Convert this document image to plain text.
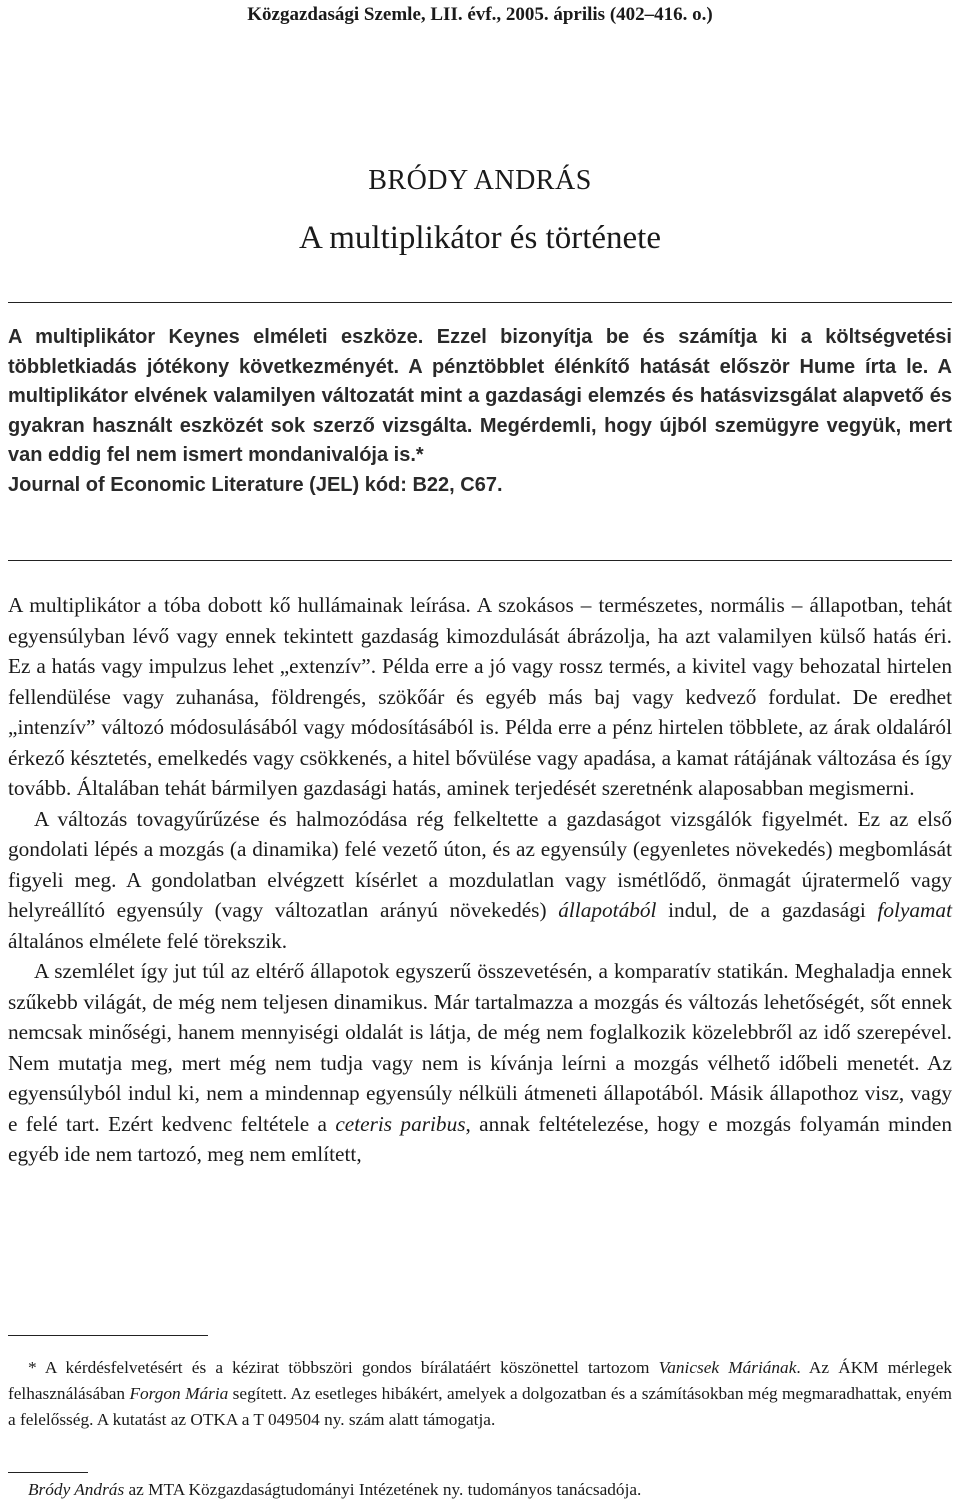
Közgazdasági Szemle, LII. évf., 2005. április (402–416. o.)
BRÓDY ANDRÁS
A multiplikátor és története

A multiplikátor Keynes elméleti eszköze. Ezzel bizonyítja be és számítja ki a költségvetési többletkiadás jótékony következményét. A pénztöbblet élénkítő hatását először Hume írta le. A multiplikátor elvének valamilyen változatát mint a gazdasági elemzés és hatásvizsgálat alapvető és gyakran használt eszközét sok szerző vizsgálta. Megérdemli, hogy újból szemügyre vegyük, mert van eddig fel nem ismert mondanivalója is.*

Journal of Economic Literature (JEL) kód: B22, C67.

A multiplikátor a tóba dobott kő hullámainak leírása. A szokásos – természetes, normális – állapotban, tehát egyensúlyban lévő vagy ennek tekintett gazdaság kimozdulását ábrázolja, ha azt valamilyen külső hatás éri. Ez a hatás vagy impulzus lehet „extenzív”. Példa erre a jó vagy rossz termés, a kivitel vagy behozatal hirtelen fellendülése vagy zuhanása, földrengés, szökőár és egyéb más baj vagy kedvező fordulat. De eredhet „intenzív” változó módosulásából vagy módosításából is. Példa erre a pénz hirtelen többlete, az árak oldaláról érkező késztetés, emelkedés vagy csökkenés, a hitel bővülése vagy apadása, a kamat rátájának változása és így tovább. Általában tehát bármilyen gazdasági hatás, aminek terjedését szeretnénk alaposabban megismerni.

A változás tovagyűrűzése és halmozódása rég felkeltette a gazdaságot vizsgálók figyelmét. Ez az első gondolati lépés a mozgás (a dinamika) felé vezető úton, és az egyensúly (egyenletes növekedés) megbomlását figyeli meg. A gondolatban elvégzett kísérlet a mozdulatlan vagy ismétlődő, önmagát újratermelő vagy helyreállító egyensúly (vagy változatlan arányú növekedés) állapotából indul, de a gazdasági folyamat általános elmélete felé törekszik.

A szemlélet így jut túl az eltérő állapotok egyszerű összevetésén, a komparatív statikán. Meghaladja ennek szűkebb világát, de még nem teljesen dinamikus. Már tartalmazza a mozgás és változás lehetőségét, sőt ennek nemcsak minőségi, hanem mennyiségi oldalát is látja, de még nem foglalkozik közelebbről az idő szerepével. Nem mutatja meg, mert még nem tudja vagy nem is kívánja leírni a mozgás vélhető időbeli menetét. Az egyensúlyból indul ki, nem a mindennap egyensúly nélküli átmeneti állapotából. Másik állapothoz visz, vagy e felé tart. Ezért kedvenc feltétele a ceteris paribus, annak feltételezése, hogy e mozgás folyamán minden egyéb ide nem tartozó, meg nem említett,

* A kérdésfelvetésért és a kézirat többszöri gondos bírálatáért köszönettel tartozom Vanicsek Máriának. Az ÁKM mérlegek felhasználásában Forgon Mária segített. Az esetleges hibákért, amelyek a dolgozatban és a számításokban még megmaradhattak, enyém a felelősség. A kutatást az OTKA a T 049504 ny. szám alatt támogatja.

Bródy András az MTA Közgazdaságtudományi Intézetének ny. tudományos tanácsadója.
